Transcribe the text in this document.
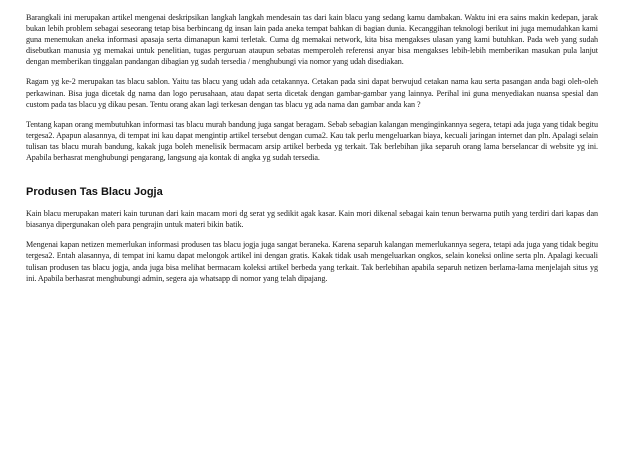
Barangkali ini merupakan artikel mengenai deskripsikan langkah langkah mendesain tas dari kain blacu yang sedang kamu dambakan. Waktu ini era sains makin kedepan, jarak bukan lebih problem sebagai seseorang tetap bisa berbincang dg insan lain pada aneka tempat bahkan di bagian dunia. Kecanggihan teknologi berikut ini juga memudahkan kami guna menemukan aneka informasi apasaja serta dimanapun kami terletak. Cuma dg memakai network, kita bisa mengakses ulasan yang kami butuhkan. Pada web yang sudah disebutkan manusia yg memakai untuk penelitian, tugas perguruan ataupun sebatas memperoleh referensi anyar bisa mengakses lebih-lebih memberikan masukan pula lanjut dengan memberikan tinggalan pandangan dibagian yg sudah tersedia / menghubungi via nomor yang udah disediakan.

Ragam yg ke-2 merupakan tas blacu sablon. Yaitu tas blacu yang udah ada cetakannya. Cetakan pada sini dapat berwujud cetakan nama kau serta pasangan anda bagi oleh-oleh perkawinan. Bisa juga dicetak dg nama dan logo perusahaan, atau dapat serta dicetak dengan gambar-gambar yang lainnya. Perihal ini guna menyediakan nuansa spesial dan custom pada tas blacu yg dikau pesan. Tentu orang akan lagi terkesan dengan tas blacu yg ada nama dan gambar anda kan ?

Tentang kapan orang membutuhkan informasi tas blacu murah bandung juga sangat beragam. Sebab sebagian kalangan menginginkannya segera, tetapi ada juga yang tidak begitu tergesa2. Apapun alasannya, di tempat ini kau dapat mengintip artikel tersebut dengan cuma2. Kau tak perlu mengeluarkan biaya, kecuali jaringan internet dan pln. Apalagi selain tulisan tas blacu murah bandung, kakak juga boleh menelisik bermacam arsip artikel berbeda yg terkait. Tak berlebihan jika separuh orang lama berselancar di website yg ini. Apabila berhasrat menghubungi pengarang, langsung aja kontak di angka yg sudah tersedia.

Produsen Tas Blacu Jogja

Kain blacu merupakan materi kain turunan dari kain macam mori dg serat yg sedikit agak kasar. Kain mori dikenal sebagai kain tenun berwarna putih yang terdiri dari kapas dan biasanya dipergunakan oleh para pengrajin untuk materi bikin batik.

Mengenai kapan netizen memerlukan informasi produsen tas blacu jogja juga sangat beraneka. Karena separuh kalangan memerlukannya segera, tetapi ada juga yang tidak begitu tergesa2. Entah alasannya, di tempat ini kamu dapat melongok artikel ini dengan gratis. Kakak tidak usah mengeluarkan ongkos, selain koneksi online serta pln. Apalagi kecuali tulisan produsen tas blacu jogja, anda juga bisa melihat bermacam koleksi artikel berbeda yang terkait. Tak berlebihan apabila separuh netizen berlama-lama menjelajah situs yg ini. Apabila berhasrat menghubungi admin, segera aja whatsapp di nomor yang telah dipajang.
